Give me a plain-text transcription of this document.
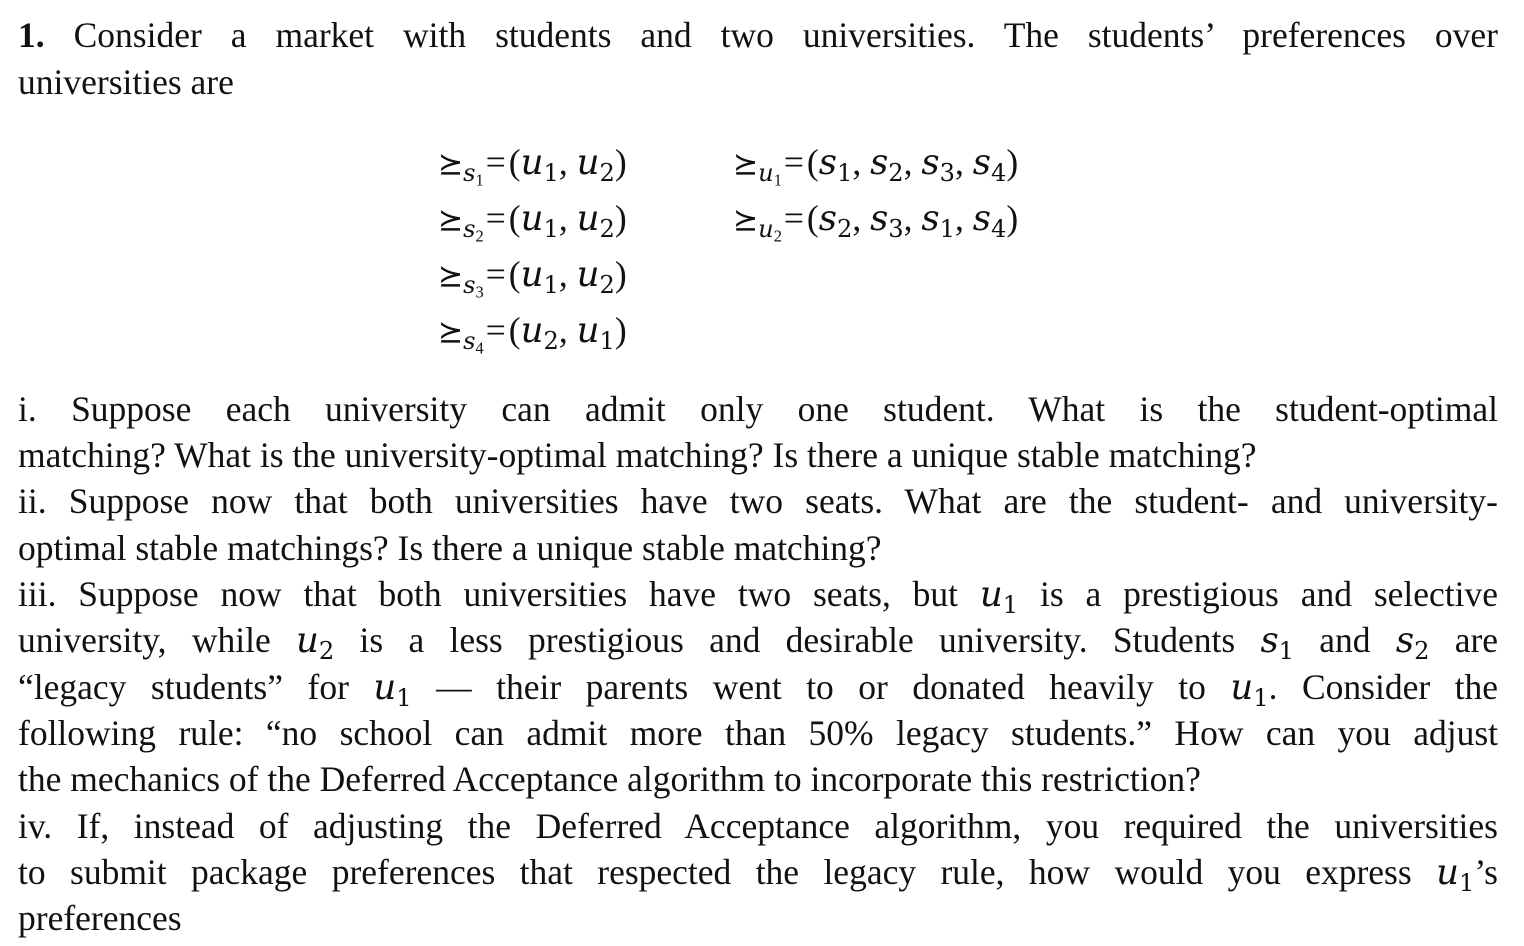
1. Consider a market with students and two universities. The students’ preferences over
universities are
$⪰s_1=(u_1$, $u_2$)
$⪰s_2=(u_1$, $u_2$)
$⪰s_3=(u_1$, $u_2$)
$⪰s_4=(u_2$, $u_1$)
$⪰u_1=(s_1$, $s_2$, $s_3$, $s_4$)
$⪰u_2=(s_2$, $s_3$, $s_1$, $s_4$)
i. Suppose each university can admit only one student. What is the student-optimal
matching? What is the university-optimal matching? Is there a unique stable matching?
ii. Suppose now that both universities have two seats. What are the student- and university-
optimal stable matchings? Is there a unique stable matching?
iii. Suppose now that both universities have two seats, but $u_1$ is a prestigious and selective
university, while $u_2$ is a less prestigious and desirable university. Students $s_1$ and $s_2$ are
“legacy students” for $u_1$ — their parents went to or donated heavily to $u_1$. Consider the
following rule: “no school can admit more than 50% legacy students.” How can you adjust
the mechanics of the Deferred Acceptance algorithm to incorporate this restriction?
iv. If, instead of adjusting the Deferred Acceptance algorithm, you required the universities
to submit package preferences that respected the legacy rule, how would you express $u_1’s$
preferences
